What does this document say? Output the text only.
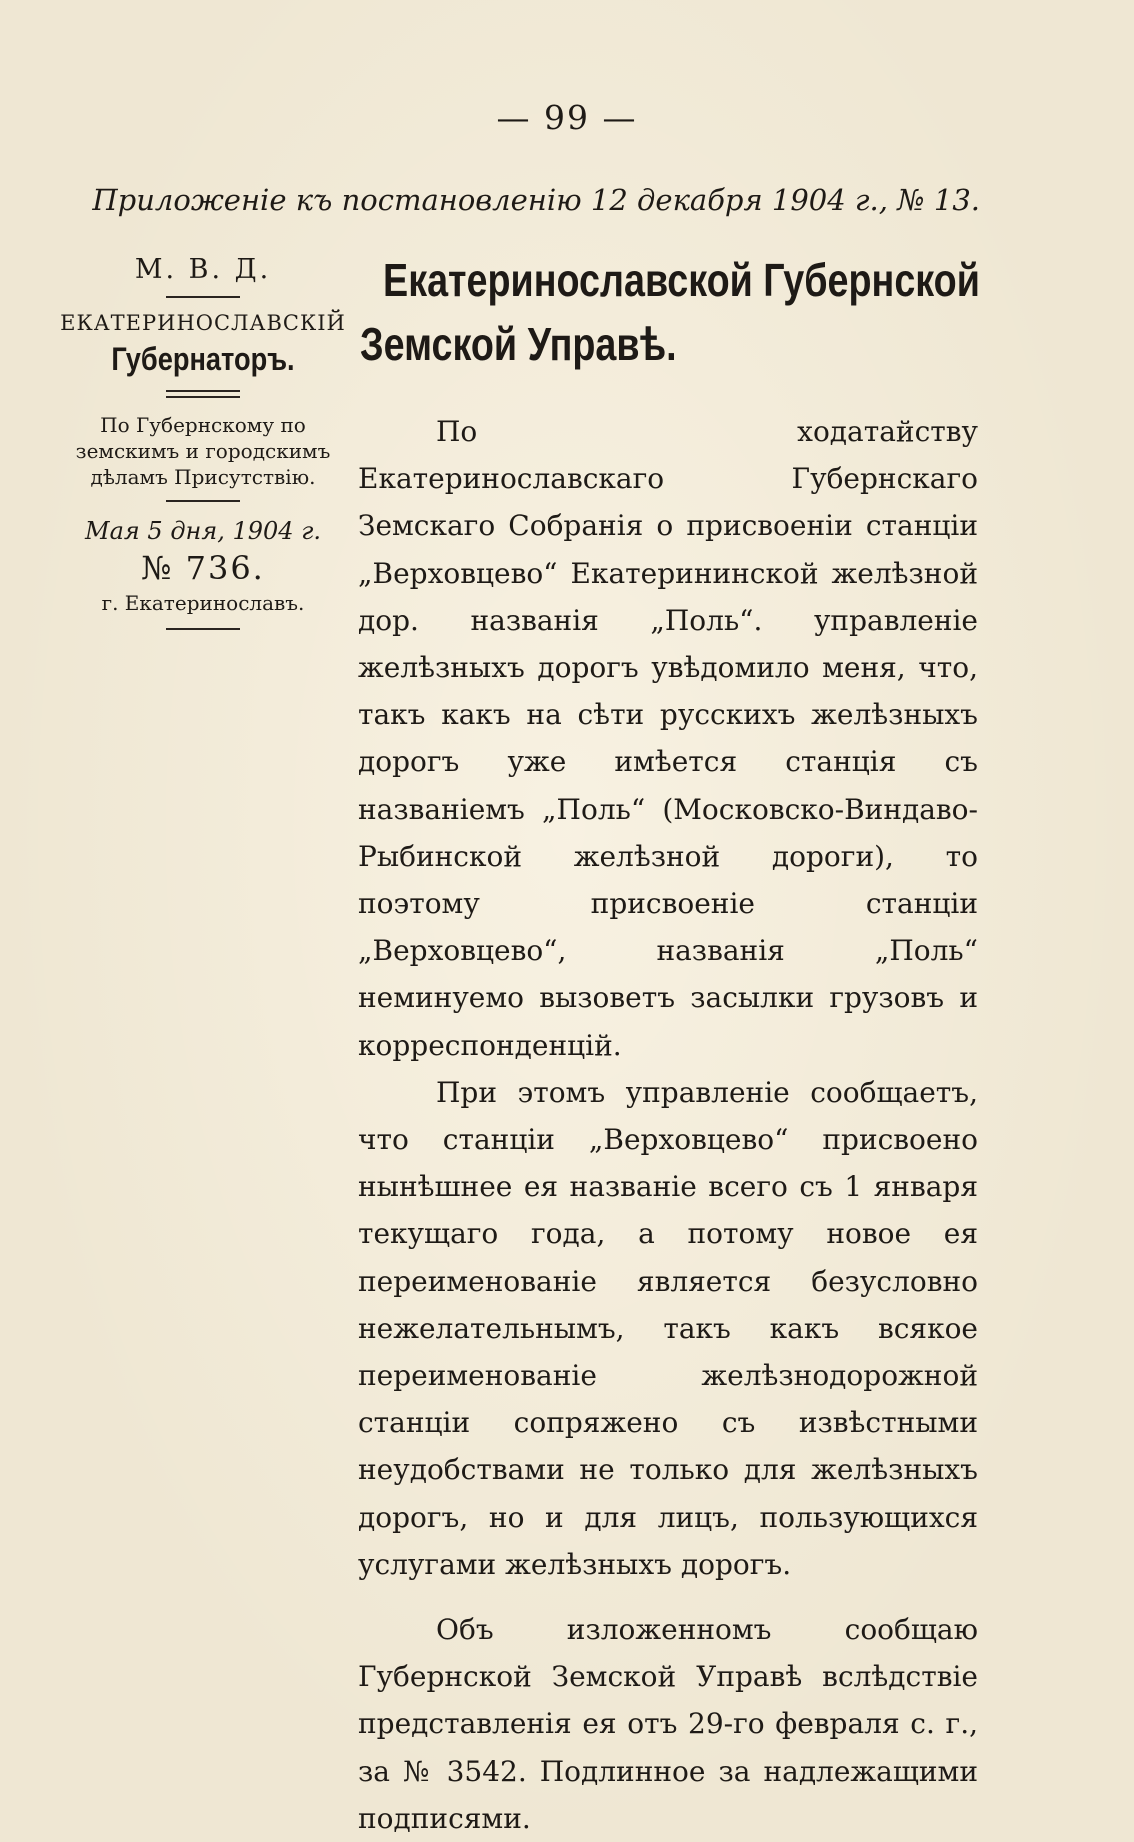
— 99 —
Приложенiе къ постановленiю 12 декабря 1904 г., № 13.
М. В. Д.
ЕКАТЕРИНОСЛАВСКIЙ
Губернаторъ.
По Губернскому по земскимъ и городскимъ дѣламъ Присутствiю.
Мая 5 дня, 1904 г.
№ 736.
г. Екатеринославъ.
Екатеринославской Губернской
Земской Управѣ.

По ходатайству Екатеринославскаго Губернскаго Земскаго Собранiя о присвоенiи станцiи „Верховцево“ Екатерининской желѣзной дор. названiя „Поль“. управленiе желѣзныхъ дорогъ увѣдомило меня, что, такъ какъ на сѣти русскихъ желѣзныхъ дорогъ уже имѣется станцiя съ названiемъ „Поль“ (Московско-Виндаво-Рыбинской желѣзной дороги), то поэтому присвоенiе станцiи „Верховцево“, названiя „Поль“ неминуемо вызоветъ засылки грузовъ и корреспонденцiй.

При этомъ управленiе сообщаетъ, что станцiи „Верховцево“ присвоено нынѣшнее ея названiе всего съ 1 января текущаго года, а потому новое ея переименованiе является безусловно нежелательнымъ, такъ какъ всякое переименованiе желѣзнодорожной станцiи сопряжено съ извѣстными неудобствами не только для желѣзныхъ дорогъ, но и для лицъ, пользующихся услугами желѣзныхъ дорогъ.

Объ изложенномъ сообщаю Губернской Земской Управѣ вслѣдствiе представленiя ея отъ 29-го февраля с. г., за № 3542. Подлинное за надлежащими подписями.
